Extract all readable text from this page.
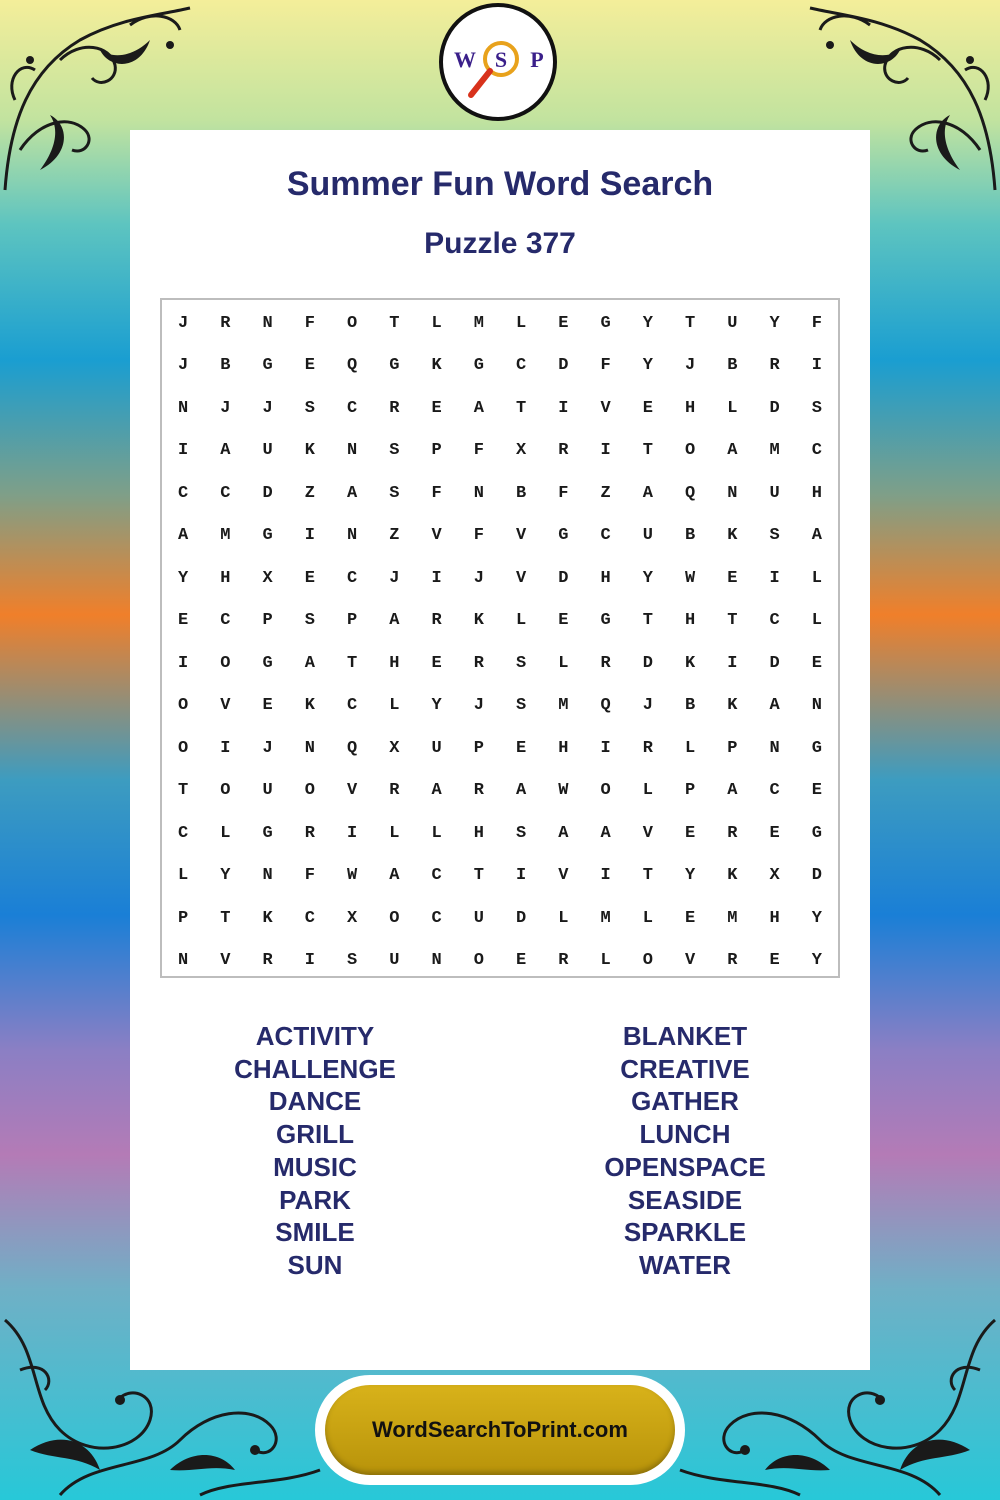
S
W P
Summer Fun Word Search
Puzzle 377
J	R	N	F	O	T	L	M	L	E	G	Y	T	U	Y	F
J	B	G	E	Q	G	K	G	C	D	F	Y	J	B	R	I
N	J	J	S	C	R	E	A	T	I	V	E	H	L	D	S
I	A	U	K	N	S	P	F	X	R	I	T	O	A	M	C
C	C	D	Z	A	S	F	N	B	F	Z	A	Q	N	U	H
A	M	G	I	N	Z	V	F	V	G	C	U	B	K	S	A
Y	H	X	E	C	J	I	J	V	D	H	Y	W	E	I	L
E	C	P	S	P	A	R	K	L	E	G	T	H	T	C	L
I	O	G	A	T	H	E	R	S	L	R	D	K	I	D	E
O	V	E	K	C	L	Y	J	S	M	Q	J	B	K	A	N
O	I	J	N	Q	X	U	P	E	H	I	R	L	P	N	G
T	O	U	O	V	R	A	R	A	W	O	L	P	A	C	E
C	L	G	R	I	L	L	H	S	A	A	V	E	R	E	G
L	Y	N	F	W	A	C	T	I	V	I	T	Y	K	X	D
P	T	K	C	X	O	C	U	D	L	M	L	E	M	H	Y
N	V	R	I	S	U	N	O	E	R	L	O	V	R	E	Y
ACTIVITY
CHALLENGE
DANCE
GRILL
MUSIC
PARK
SMILE
SUN
BLANKET
CREATIVE
GATHER
LUNCH
OPENSPACE
SEASIDE
SPARKLE
WATER
WordSearchToPrint.com
